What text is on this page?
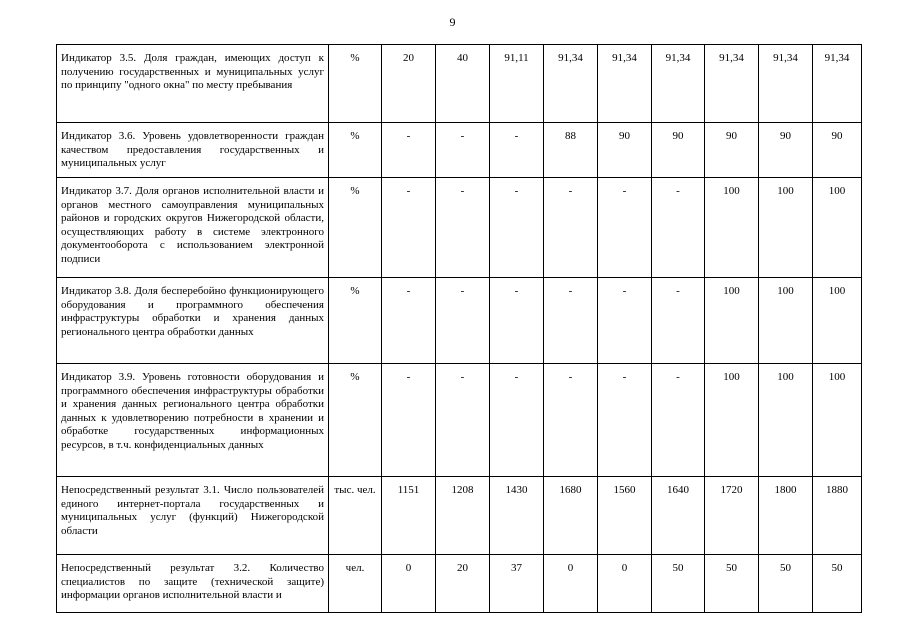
9
Индикатор 3.5. Доля граждан, имеющих доступ к получению государственных и муниципальных услуг по принципу "одного окна" по месту пребывания	%	20	40	91,11	91,34	91,34	91,34	91,34	91,34	91,34
Индикатор 3.6. Уровень удовлетворенности граждан качеством предоставления государственных и муниципальных услуг	%	-	-	-	88	90	90	90	90	90
Индикатор 3.7. Доля органов исполнительной власти и органов местного самоуправления муниципальных районов и городских округов Нижегородской области, осуществляющих работу в системе электронного документооборота с использованием электронной подписи	%	-	-	-	-	-	-	100	100	100
Индикатор 3.8. Доля бесперебойно функционирующего оборудования и программного обеспечения инфраструктуры обработки и хранения данных регионального центра обработки данных	%	-	-	-	-	-	-	100	100	100
Индикатор 3.9. Уровень готовности оборудования и программного обеспечения инфраструктуры обработки и хранения данных регионального центра обработки данных к удовлетворению потребности в хранении и обработке государственных информационных ресурсов, в т.ч. конфиденциальных данных	%	-	-	-	-	-	-	100	100	100
Непосредственный результат 3.1. Число пользователей единого интернет-портала государственных и муниципальных услуг (функций) Нижегородской области	тыс. чел.	1151	1208	1430	1680	1560	1640	1720	1800	1880
Непосредственный результат 3.2. Количество специалистов по защите (технической защите) информации органов исполнительной власти и	чел.	0	20	37	0	0	50	50	50	50
